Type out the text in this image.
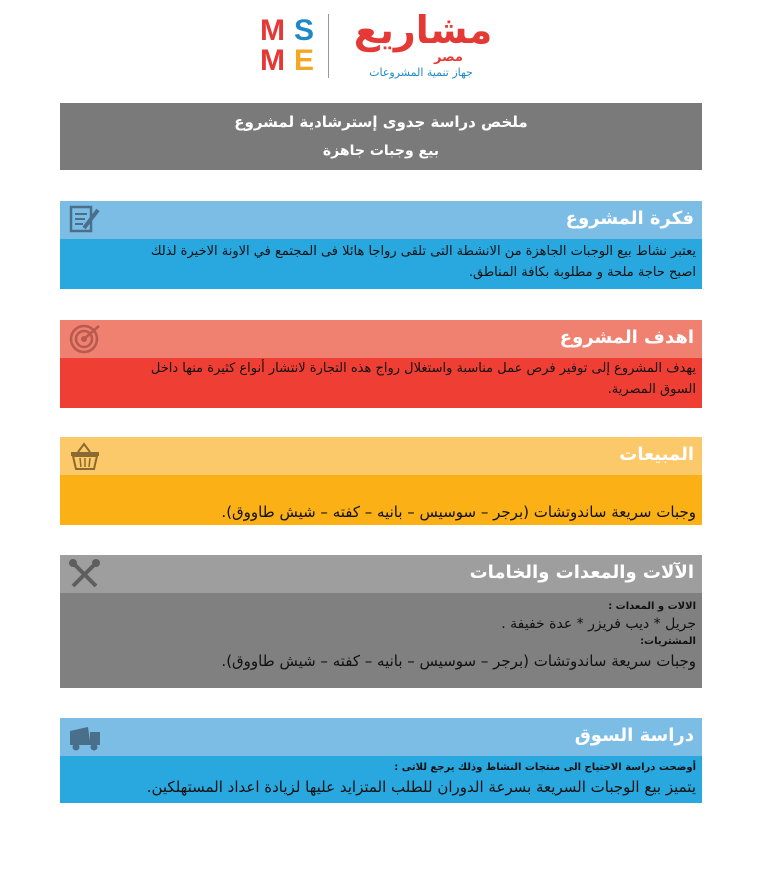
M S
M E
مشاريع
مصر
جهاز تنمية المشروعات
ملخص دراسة جدوى إسترشادية لمشروع
بيع وجبات جاهزة
فكرة المشروع

يعتبر نشاط بيع الوجبات الجاهزة من الانشطة التى تلقى رواجا هائلا فى المجتمع في الاونة الاخيرة لذلك

اصبح حاجة ملحة و مطلوبة بكافة المناطق.

اهدف المشروع

يهدف المشروع إلى توفير فرص عمل مناسبة واستغلال رواج هذه التجارة لانتشار أنواع كثيرة منها داخل

السوق المصرية.

المبيعات

وجبات سريعة ساندوتشات (برجر – سوسيس – بانيه – كفته – شيش طاووق).

الآلات والمعدات والخامات

الالات و المعدات :

جريل * ديب فريزر * عدة خفيفة .

المشتريات:

وجبات سريعة ساندوتشات (برجر – سوسيس – بانيه – كفته – شيش طاووق).

دراسة السوق

أوضحت دراسة الاحتياج الى منتجات النشاط وذلك يرجع للاتى :

يتميز بيع الوجبات السريعة بسرعة الدوران للطلب المتزايد عليها لزيادة اعداد المستهلكين.
